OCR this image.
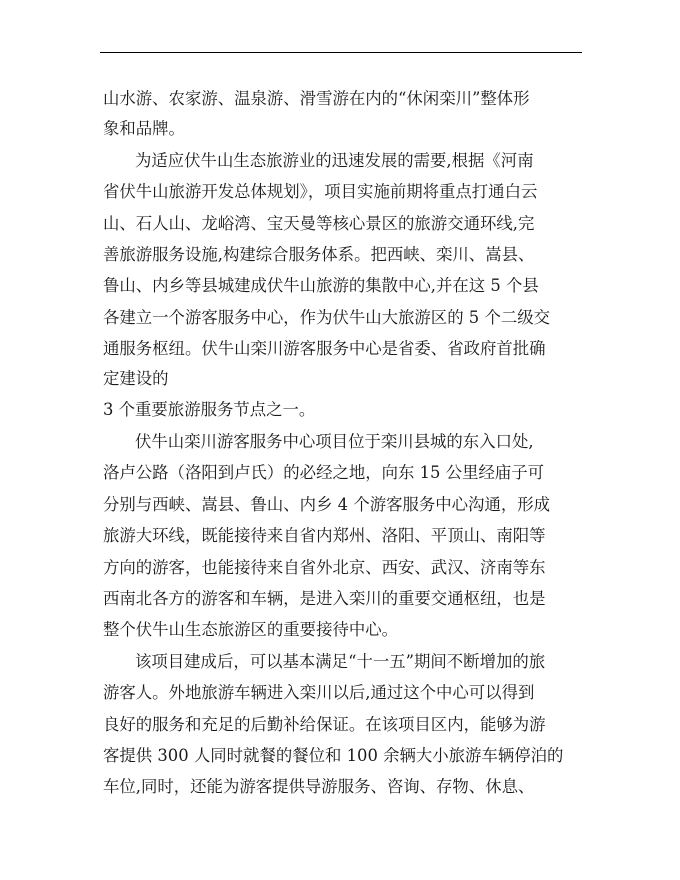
山水游、农家游、温泉游、滑雪游在内的“休闲栾川”整体形
象和品牌。
为适应伏牛山生态旅游业的迅速发展的需要,根据《河南
省伏牛山旅游开发总体规划》，项目实施前期将重点打通白云
山、石人山、龙峪湾、宝天曼等核心景区的旅游交通环线,完
善旅游服务设施,构建综合服务体系。把西峡、栾川、嵩县、
鲁山、内乡等县城建成伏牛山旅游的集散中心,并在这 5 个县
各建立一个游客服务中心，作为伏牛山大旅游区的 5 个二级交
通服务枢纽。伏牛山栾川游客服务中心是省委、省政府首批确
定建设的
3 个重要旅游服务节点之一。
伏牛山栾川游客服务中心项目位于栾川县城的东入口处,
洛卢公路（洛阳到卢氏）的必经之地，向东 15 公里经庙子可
分别与西峡、嵩县、鲁山、内乡 4 个游客服务中心沟通，形成
旅游大环线，既能接待来自省内郑州、洛阳、平顶山、南阳等
方向的游客，也能接待来自省外北京、西安、武汉、济南等东
西南北各方的游客和车辆，是进入栾川的重要交通枢纽，也是
整个伏牛山生态旅游区的重要接待中心。
该项目建成后，可以基本满足“十一五”期间不断增加的旅
游客人。外地旅游车辆进入栾川以后,通过这个中心可以得到
良好的服务和充足的后勤补给保证。在该项目区内，能够为游
客提供 300 人同时就餐的餐位和 100 余辆大小旅游车辆停泊的
车位,同时，还能为游客提供导游服务、咨询、存物、休息、
